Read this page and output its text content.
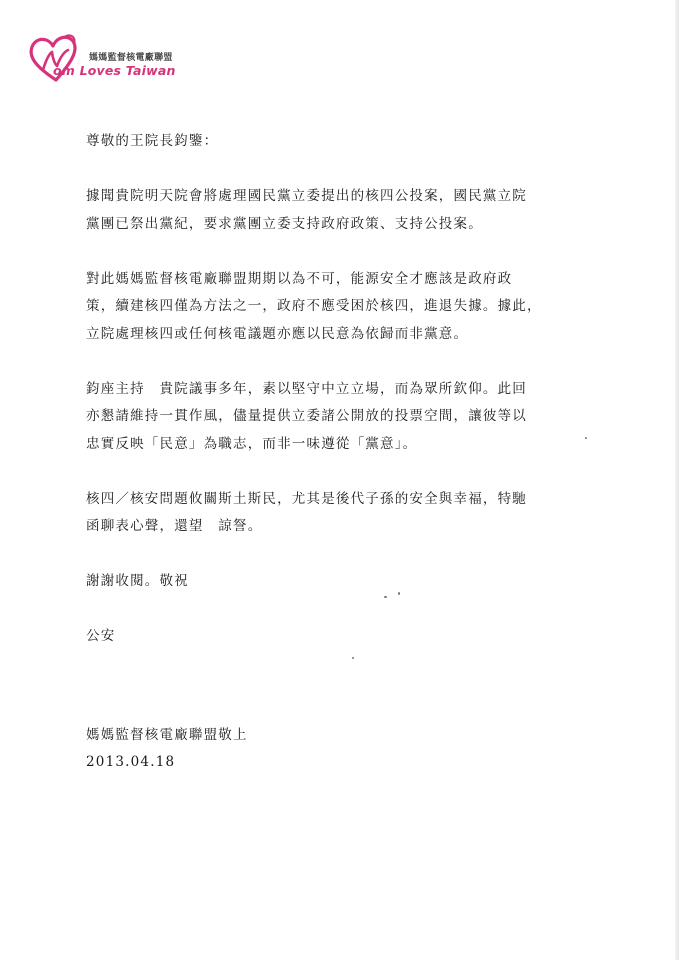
媽媽監督核電廠聯盟
om Loves Taiwan

尊敬的王院長鈞鑒：

據聞貴院明天院會將處理國民黨立委提出的核四公投案，國民黨立院
黨團已祭出黨紀，要求黨團立委支持政府政策、支持公投案。

對此媽媽監督核電廠聯盟期期以為不可，能源安全才應該是政府政
策，續建核四僅為方法之一，政府不應受困於核四，進退失據。據此，
立院處理核四或任何核電議題亦應以民意為依歸而非黨意。

鈞座主持　貴院議事多年，素以堅守中立立場，而為眾所欽仰。此回
亦懇請維持一貫作風，儘量提供立委諸公開放的投票空間，讓彼等以
忠實反映「民意」為職志，而非一味遵從「黨意」。

核四／核安問題攸關斯土斯民，尤其是後代子孫的安全與幸福，特馳
函聊表心聲，還望　諒詧。

謝謝收閱。敬祝

公安

媽媽監督核電廠聯盟敬上
2013.04.18
